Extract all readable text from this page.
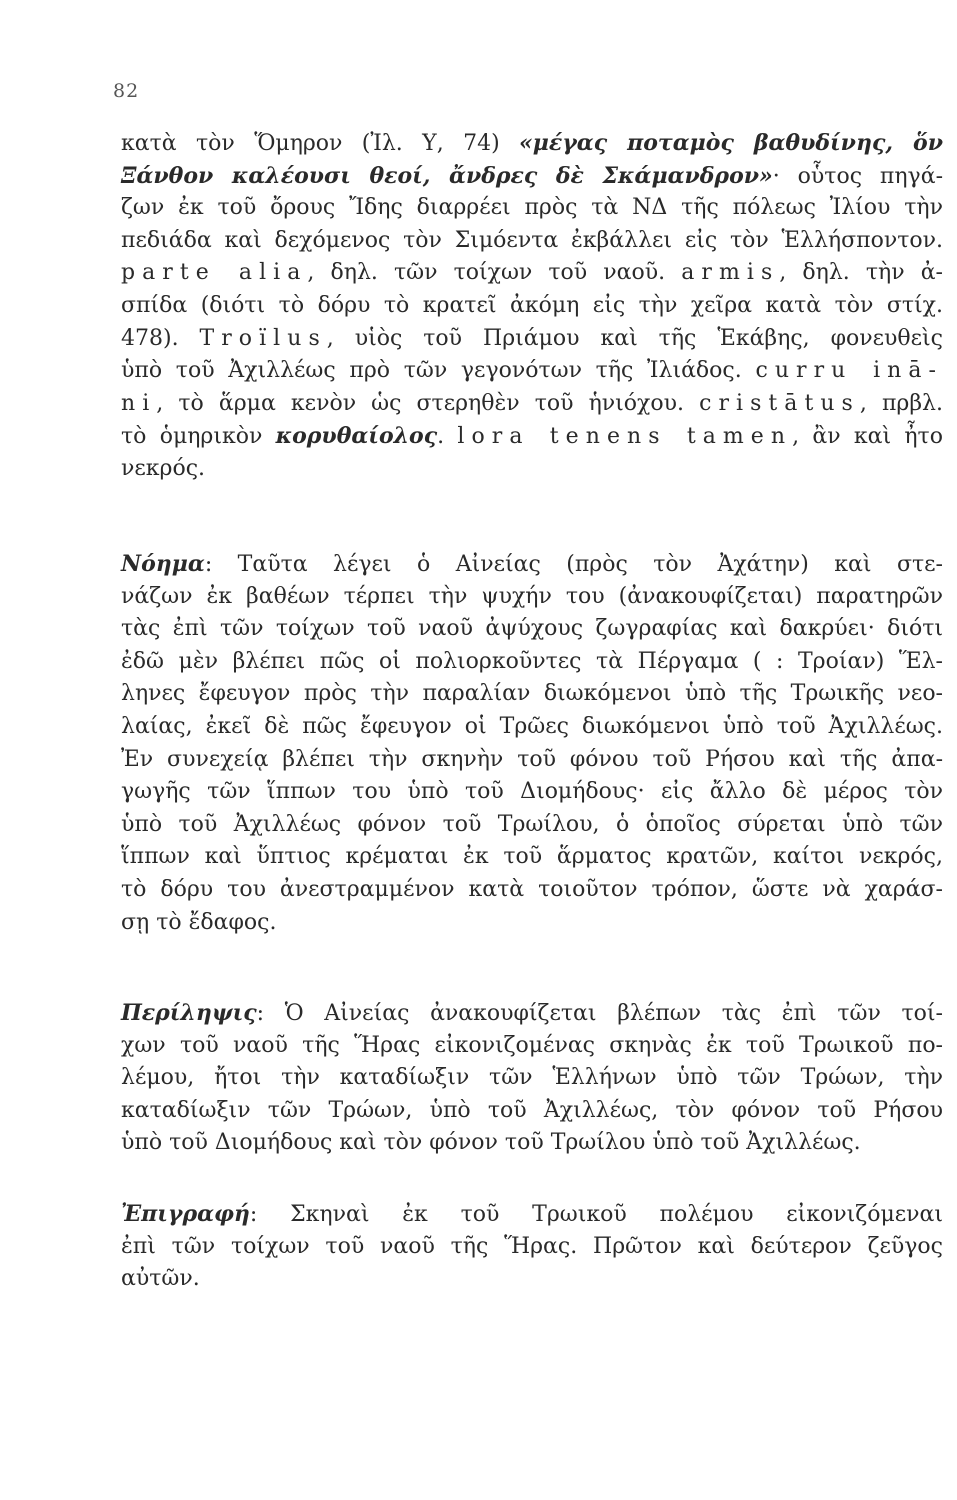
82
κατὰ τὸν Ὅμηρον (Ἰλ. Υ, 74) «μέγας ποταμὸς βαθυδίνης, ὅν
Ξάνθον καλέουσι θεοί, ἄνδρες δὲ Σκάμανδρον»· οὗτος πηγά-
ζων ἐκ τοῦ ὄρους Ἴδης διαρρέει πρὸς τὰ ΝΔ τῆς πόλεως Ἰλίου τὴν
πεδιάδα καὶ δεχόμενος τὸν Σιμόεντα ἐκβάλλει εἰς τὸν Ἑλλήσποντον.
parte alia, δηλ. τῶν τοίχων τοῦ ναοῦ. armis, δηλ. τὴν ἀ-
σπίδα (διότι τὸ δόρυ τὸ κρατεῖ ἀκόμη εἰς τὴν χεῖρα κατὰ τὸν στίχ.
478). Troïlus, υἱὸς τοῦ Πριάμου καὶ τῆς Ἑκάβης, φονευθεὶς
ὑπὸ τοῦ Ἀχιλλέως πρὸ τῶν γεγονότων τῆς Ἰλιάδος. curru inā-
ni, τὸ ἅρμα κενὸν ὡς στερηθὲν τοῦ ἡνιόχου. cristātus, πρβλ.
τὸ ὁμηρικὸν κορυθαίολος. lora tenens tamen, ἂν καὶ ἦτο
νεκρός.
Νόημα: Ταῦτα λέγει ὁ Αἰνείας (πρὸς τὸν Ἀχάτην) καὶ στε-
νάζων ἐκ βαθέων τέρπει τὴν ψυχήν του (ἀνακουφίζεται) παρατηρῶν
τὰς ἐπὶ τῶν τοίχων τοῦ ναοῦ ἀψύχους ζωγραφίας καὶ δακρύει· διότι
ἐδῶ μὲν βλέπει πῶς οἱ πολιορκοῦντες τὰ Πέργαμα ( : Τροίαν) Ἕλ-
ληνες ἔφευγον πρὸς τὴν παραλίαν διωκόμενοι ὑπὸ τῆς Τρωικῆς νεο-
λαίας, ἐκεῖ δὲ πῶς ἔφευγον οἱ Τρῶες διωκόμενοι ὑπὸ τοῦ Ἀχιλλέως.
Ἐν συνεχείᾳ βλέπει τὴν σκηνὴν τοῦ φόνου τοῦ Ρήσου καὶ τῆς ἀπα-
γωγῆς τῶν ἵππων του ὑπὸ τοῦ Διομήδους· εἰς ἄλλο δὲ μέρος τὸν
ὑπὸ τοῦ Ἀχιλλέως φόνον τοῦ Τρωίλου, ὁ ὁποῖος σύρεται ὑπὸ τῶν
ἵππων καὶ ὕπτιος κρέμαται ἐκ τοῦ ἅρματος κρατῶν, καίτοι νεκρός,
τὸ δόρυ του ἀνεστραμμένον κατὰ τοιοῦτον τρόπον, ὥστε νὰ χαράσ-
σῃ τὸ ἔδαφος.
Περίληψις: Ὁ Αἰνείας ἀνακουφίζεται βλέπων τὰς ἐπὶ τῶν τοί-
χων τοῦ ναοῦ τῆς Ἥρας εἰκονιζομένας σκηνὰς ἐκ τοῦ Τρωικοῦ πο-
λέμου, ἤτοι τὴν καταδίωξιν τῶν Ἑλλήνων ὑπὸ τῶν Τρώων, τὴν
καταδίωξιν τῶν Τρώων, ὑπὸ τοῦ Ἀχιλλέως, τὸν φόνον τοῦ Ρήσου
ὑπὸ τοῦ Διομήδους καὶ τὸν φόνον τοῦ Τρωίλου ὑπὸ τοῦ Ἀχιλλέως.
Ἐπιγραφή: Σκηναὶ ἐκ τοῦ Τρωικοῦ πολέμου εἰκονιζόμεναι
ἐπὶ τῶν τοίχων τοῦ ναοῦ τῆς Ἥρας. Πρῶτον καὶ δεύτερον ζεῦγος
αὐτῶν.
